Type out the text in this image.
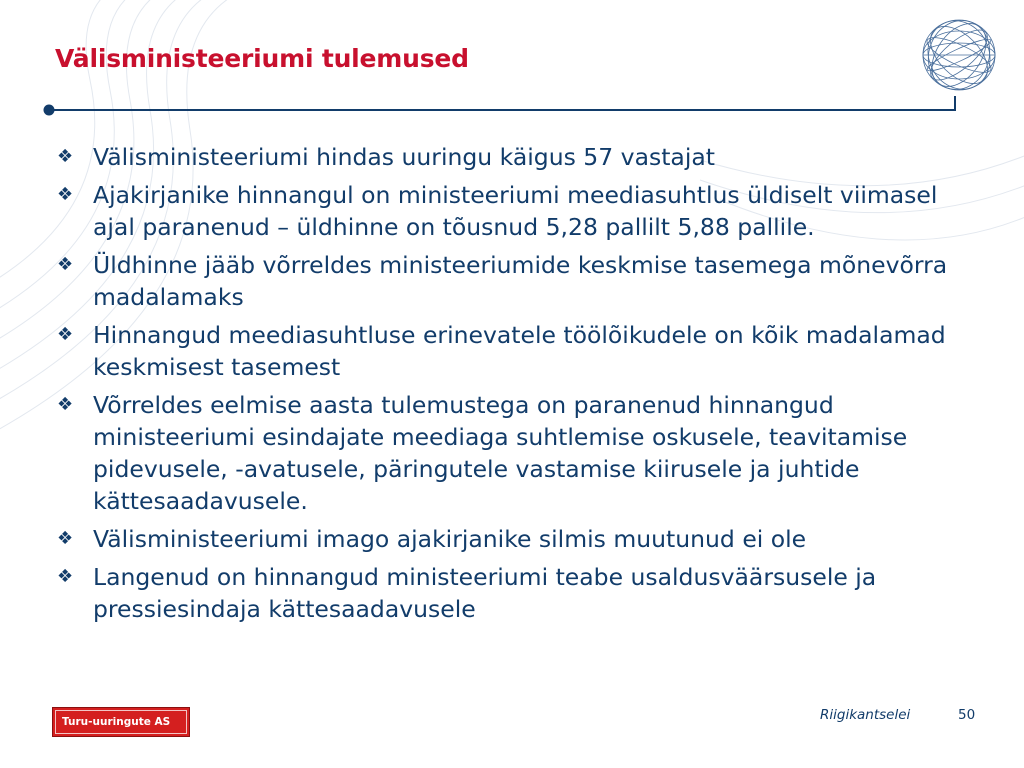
Välisministeeriumi tulemused
❖ Välisministeeriumi hindas uuringu käigus 57 vastajat
❖ Ajakirjanike hinnangul on ministeeriumi meediasuhtlus üldiselt viimasel ajal paranenud – üldhinne on tõusnud 5,28 pallilt 5,88 pallile.
❖ Üldhinne jääb võrreldes ministeeriumide keskmise tasemega mõnevõrra madalamaks
❖ Hinnangud meediasuhtluse erinevatele töölõikudele on kõik madalamad keskmisest tasemest
❖ Võrreldes eelmise aasta tulemustega on paranenud hinnangud ministeeriumi esindajate meediaga suhtlemise oskusele, teavitamise pidevusele, -avatusele, päringutele vastamise kiirusele ja juhtide kättesaadavusele.
❖ Välisministeeriumi imago ajakirjanike silmis muutunud ei ole
❖ Langenud on hinnangud ministeeriumi teabe usaldusväärsusele ja pressiesindaja kättesaadavusele
Turu-uuringute AS	Riigikantselei	50
